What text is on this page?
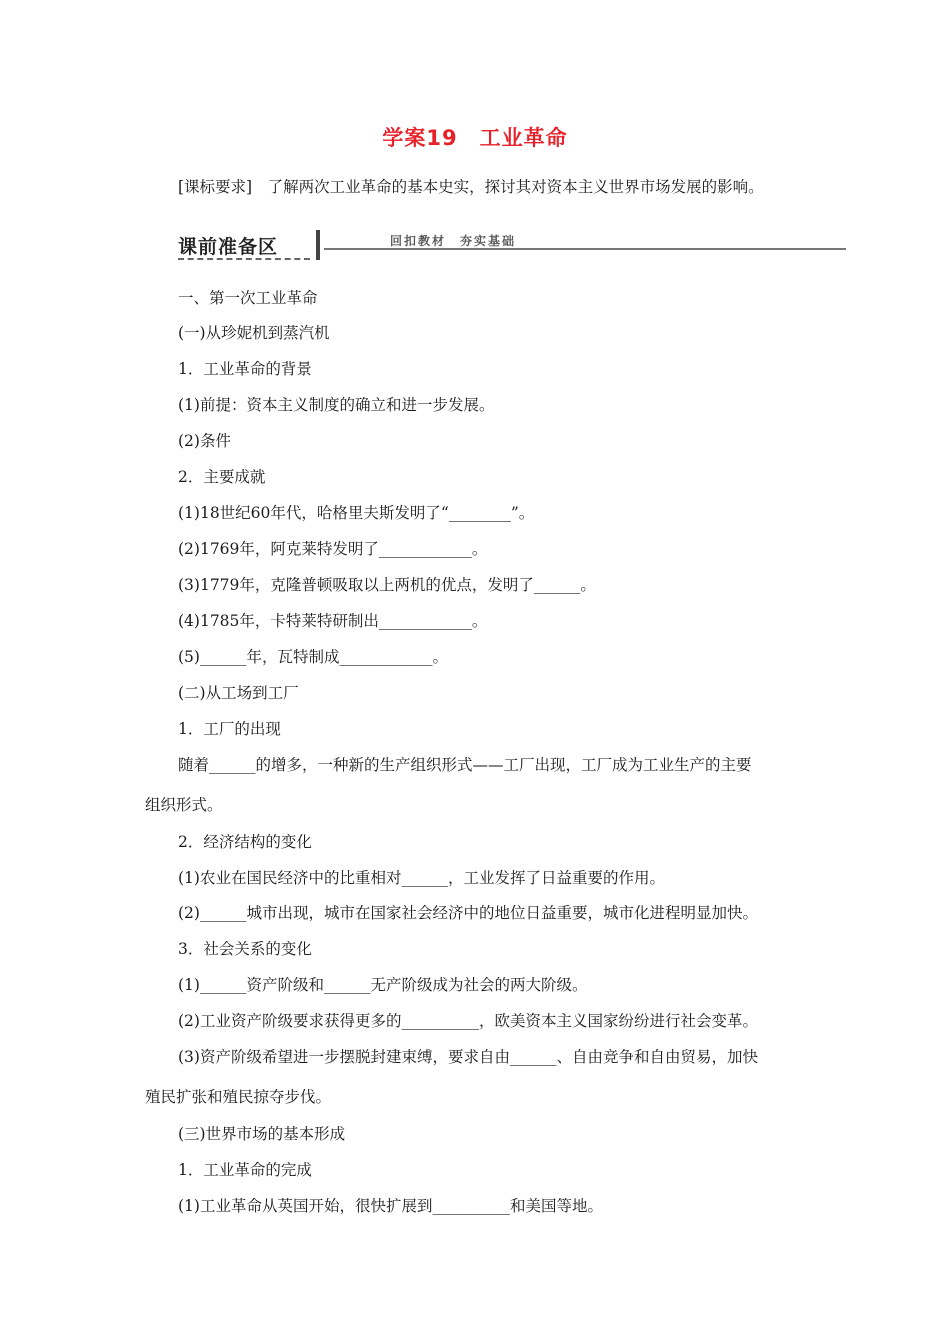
学案19　工业革命
[课标要求]　了解两次工业革命的基本史实，探讨其对资本主义世界市场发展的影响。
课前准备区	回扣教材　夯实基础
一、第一次工业革命
(一)从珍妮机到蒸汽机
1．工业革命的背景
(1)前提：资本主义制度的确立和进一步发展。
(2)条件
2．主要成就
(1)18世纪60年代，哈格里夫斯发明了“________”。
(2)1769年，阿克莱特发明了____________。
(3)1779年，克隆普顿吸取以上两机的优点，发明了______。
(4)1785年，卡特莱特研制出____________。
(5)______年，瓦特制成____________。
(二)从工场到工厂
1．工厂的出现
随着______的增多，一种新的生产组织形式——工厂出现，工厂成为工业生产的主要
组织形式。
2．经济结构的变化
(1)农业在国民经济中的比重相对______，工业发挥了日益重要的作用。
(2)______城市出现，城市在国家社会经济中的地位日益重要，城市化进程明显加快。
3．社会关系的变化
(1)______资产阶级和______无产阶级成为社会的两大阶级。
(2)工业资产阶级要求获得更多的__________，欧美资本主义国家纷纷进行社会变革。
(3)资产阶级希望进一步摆脱封建束缚，要求自由______、自由竞争和自由贸易，加快
殖民扩张和殖民掠夺步伐。
(三)世界市场的基本形成
1．工业革命的完成
(1)工业革命从英国开始，很快扩展到__________和美国等地。
